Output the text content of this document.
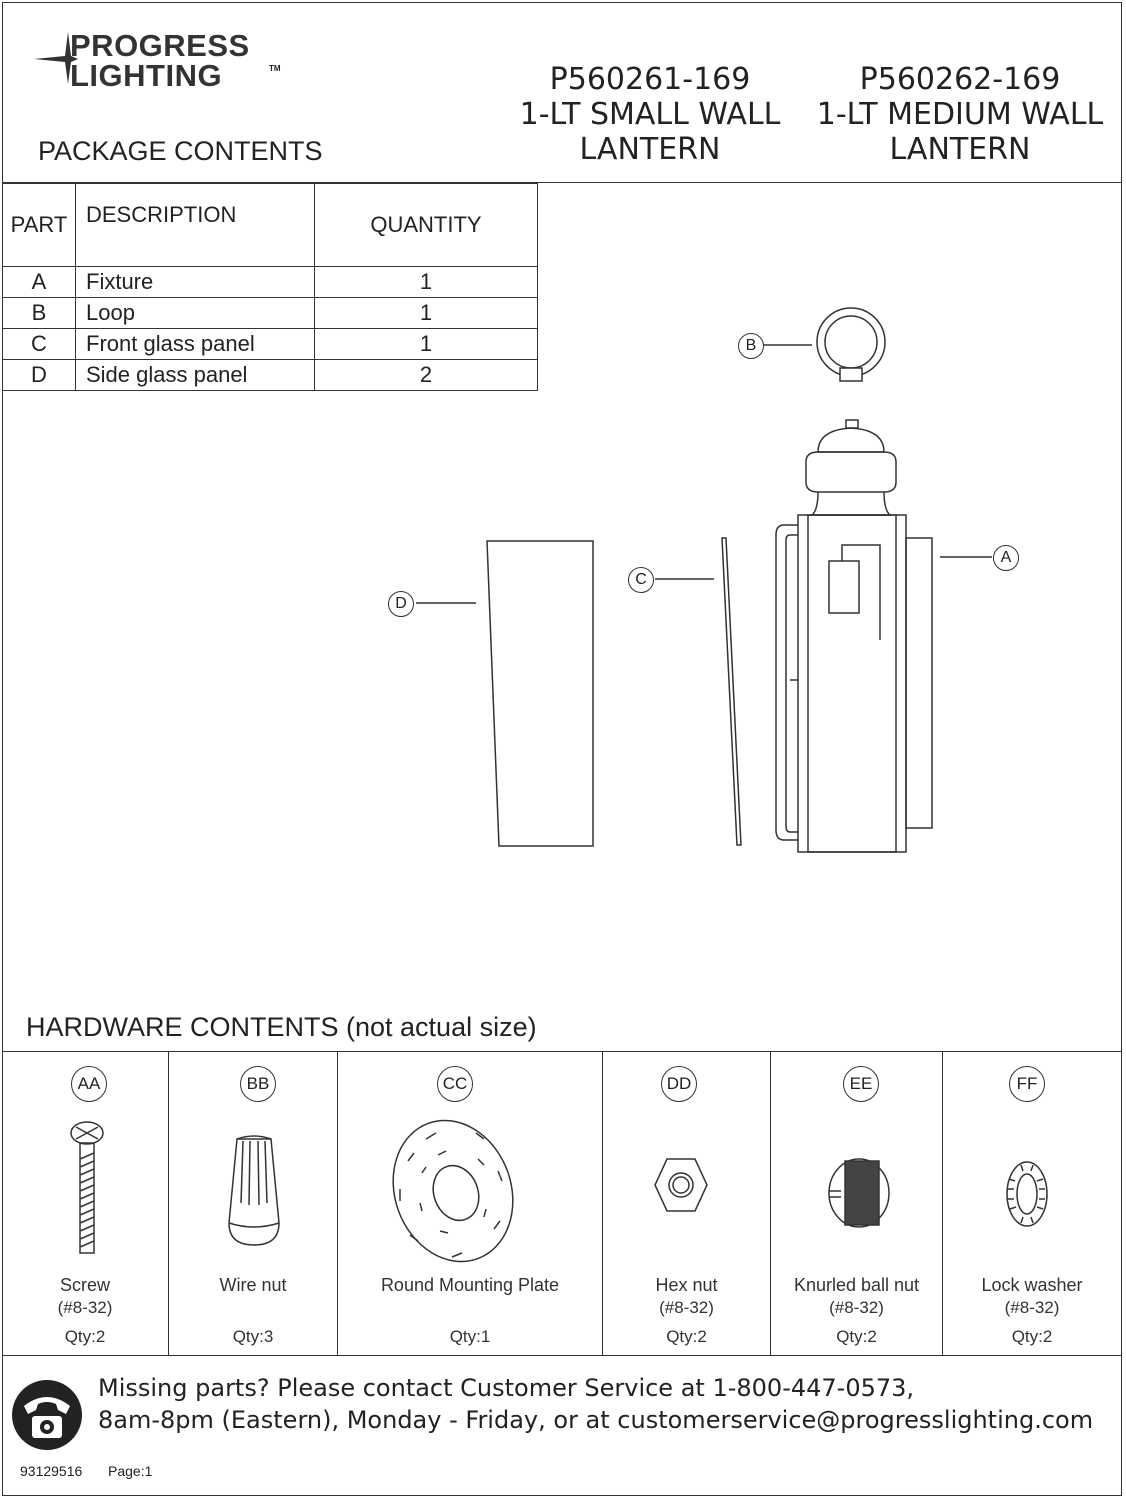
PROGRESS
LIGHTING	TM
PACKAGE CONTENTS
P560261-169
1-LT SMALL WALL
LANTERN
P560262-169
1-LT MEDIUM WALL
LANTERN
PART	DESCRIPTION	QUANTITY
A	Fixture	1
B	Loop	1
C	Front glass panel	1
D	Side glass panel	2
B
A
C
D
HARDWARE CONTENTS (not actual size)
AA
Screw
(#8-32)
Qty:2
BB
Wire nut
Qty:3
CC
Round Mounting Plate
Qty:1
DD
Hex nut
(#8-32)
Qty:2
EE
Knurled ball nut
(#8-32)
Qty:2
FF
Lock washer
(#8-32)
Qty:2
Missing parts? Please contact Customer Service at 1-800-447-0573,
8am-8pm (Eastern), Monday - Friday, or at customerservice@progresslighting.com
93129516 Page:1
